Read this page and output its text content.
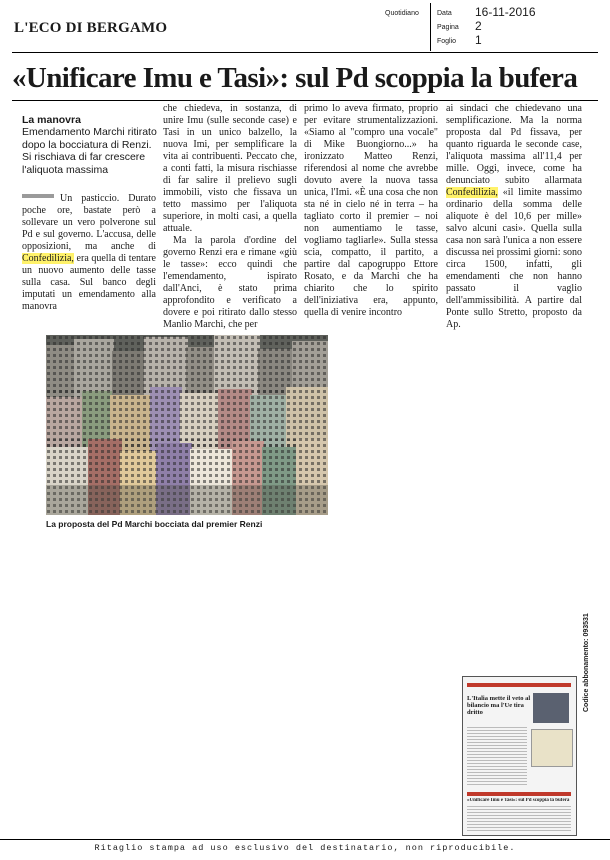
L'ECO DI BERGAMO
Quotidiano	Data 16-11-2016
Pagina 2
Foglio 1
«Unificare Imu e Tasi»: sul Pd scoppia la bufera
La manovra
Emendamento Marchi ritirato dopo la bocciatura di Renzi. Si rischiava di far crescere l'aliquota massima
Un pasticcio. Durato poche ore, bastate però a sollevare un vero polverone sul Pd e sul governo. L'accusa, delle opposizioni, ma anche di Confedilizia, era quella di tentare un nuovo aumento delle tasse sulla casa. Sul banco degli imputati un emendamento alla manovra
che chiedeva, in sostanza, di unire Imu (sulle seconde case) e Tasi in un unico balzello, la nuova Imi, per semplificare la vita ai contribuenti. Peccato che, a conti fatti, la misura rischiasse di far salire il prelievo sugli immobili, visto che fissava un tetto massimo per l'aliquota superiore, in molti casi, a quella attuale.
Ma la parola d'ordine del governo Renzi era e rimane «giù le tasse»: ecco quindi che l'emendamento, ispirato dall'Anci, è stato prima approfondito e verificato a dovere e poi ritirato dallo stesso Manlio Marchi, che per
primo lo aveva firmato, proprio per evitare strumentalizzazioni. «Siamo al "compro una vocale" di Mike Buongiorno...» ha ironizzato Matteo Renzi, riferendosi al nome che avrebbe dovuto avere la nuova tassa unica, l'Imi. «È una cosa che non sta né in cielo né in terra – ha tagliato corto il premier – noi non aumentiamo le tasse, vogliamo tagliarle». Sulla stessa scia, compatto, il partito, a partire dal capogruppo Ettore Rosato, e da Marchi che ha chiarito che lo spirito dell'iniziativa era, appunto, quella di venire incontro
ai sindaci che chiedevano una semplificazione. Ma la norma proposta dal Pd fissava, per quanto riguarda le seconde case, l'aliquota massima all'11,4 per mille. Oggi, invece, come ha denunciato subito allarmata Confedilizia, «il limite massimo ordinario della somma delle aliquote è del 10,6 per mille» salvo alcuni casi». Quella sulla casa non sarà l'unica a non essere discussa nei prossimi giorni: sono circa 1500, infatti, gli emendamenti che non hanno passato il vaglio dell'ammissibilità. A partire dal Ponte sullo Stretto, proposto da Ap.
La proposta del Pd Marchi bocciata dal premier Renzi
L'Italia mette il veto al bilancio ma l'Ue tira dritto
«Unificare Imu e Tasi»: sul Pd scoppia la bufera
Ritaglio stampa ad uso esclusivo del destinatario, non riproducibile.
Codice abbonamento: 093531
